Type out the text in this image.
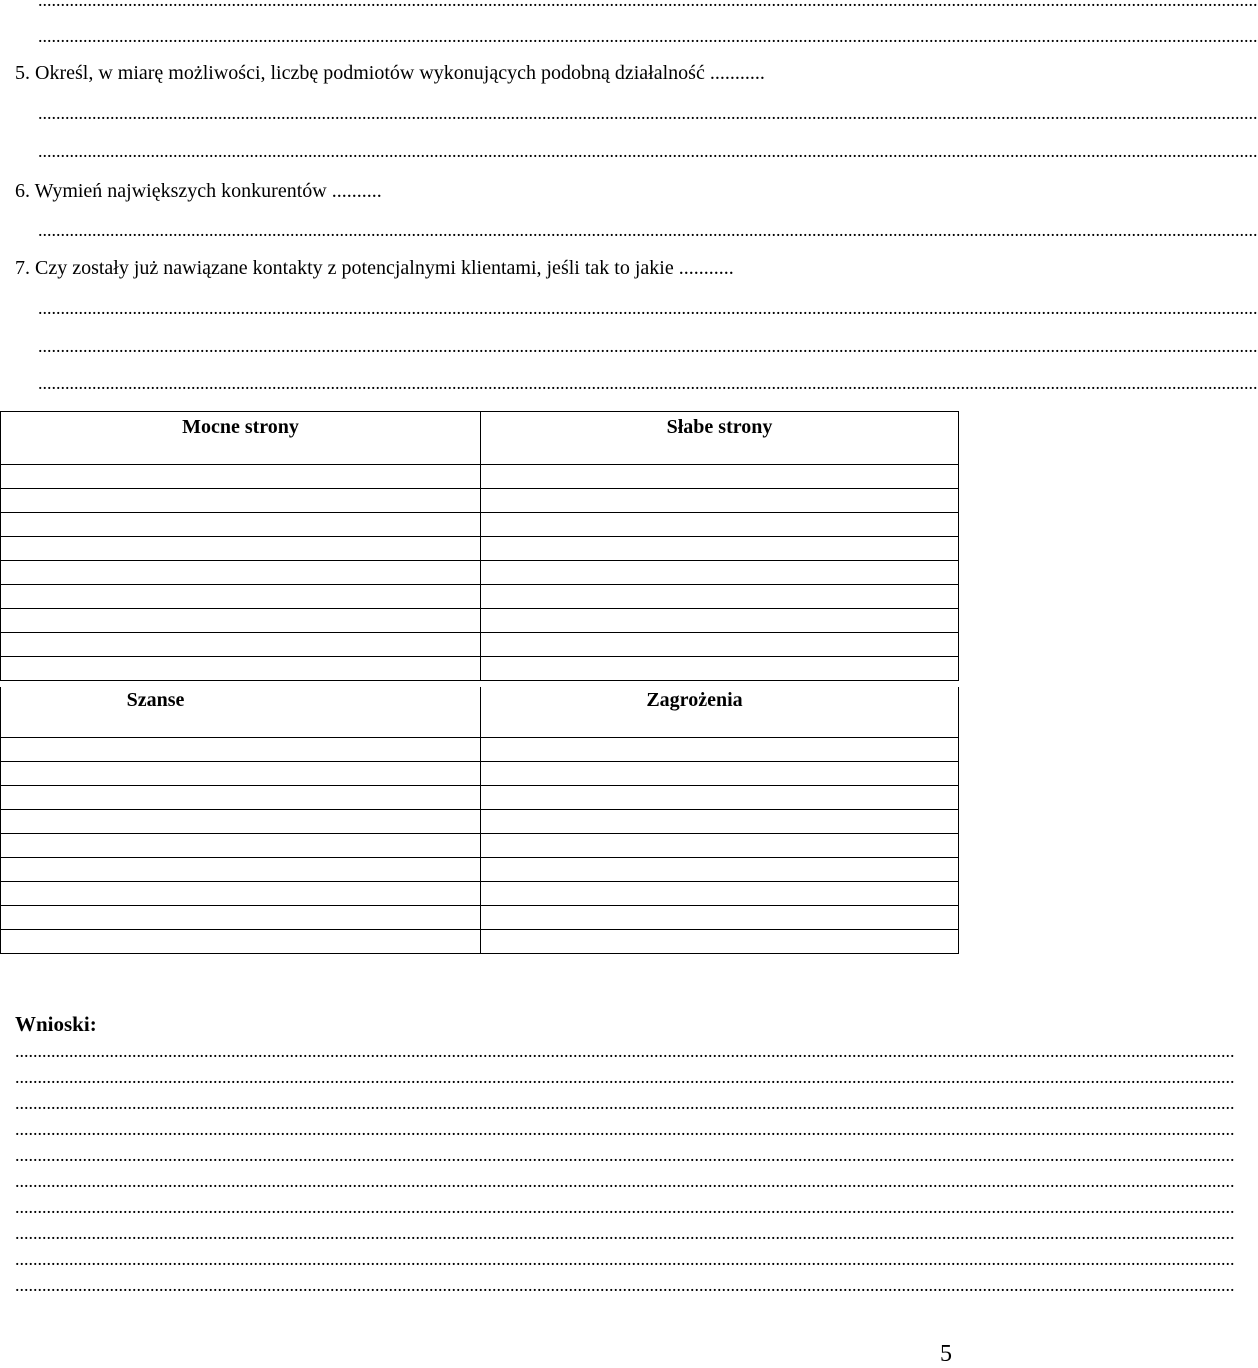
...............................................................................................................................................................................................................................................................................
...............................................................................................................................................................................................................................................................................
5. Określ, w miarę możliwości, liczbę podmiotów wykonujących podobną działalność ...........
...............................................................................................................................................................................................................................................................................
...............................................................................................................................................................................................................................................................................
6. Wymień największych konkurentów ..........
...............................................................................................................................................................................................................................................................................
7. Czy zostały już nawiązane kontakty z potencjalnymi klientami, jeśli tak to jakie ...........
...............................................................................................................................................................................................................................................................................
...............................................................................................................................................................................................................................................................................
...............................................................................................................................................................................................................................................................................
Mocne strony	Słabe strony

Szanse	Zagrożenia

Wnioski:
...............................................................................................................................................................................................................................................................................
...............................................................................................................................................................................................................................................................................
...............................................................................................................................................................................................................................................................................
...............................................................................................................................................................................................................................................................................
...............................................................................................................................................................................................................................................................................
...............................................................................................................................................................................................................................................................................
...............................................................................................................................................................................................................................................................................
...............................................................................................................................................................................................................................................................................
...............................................................................................................................................................................................................................................................................
...............................................................................................................................................................................................................................................................................
5
